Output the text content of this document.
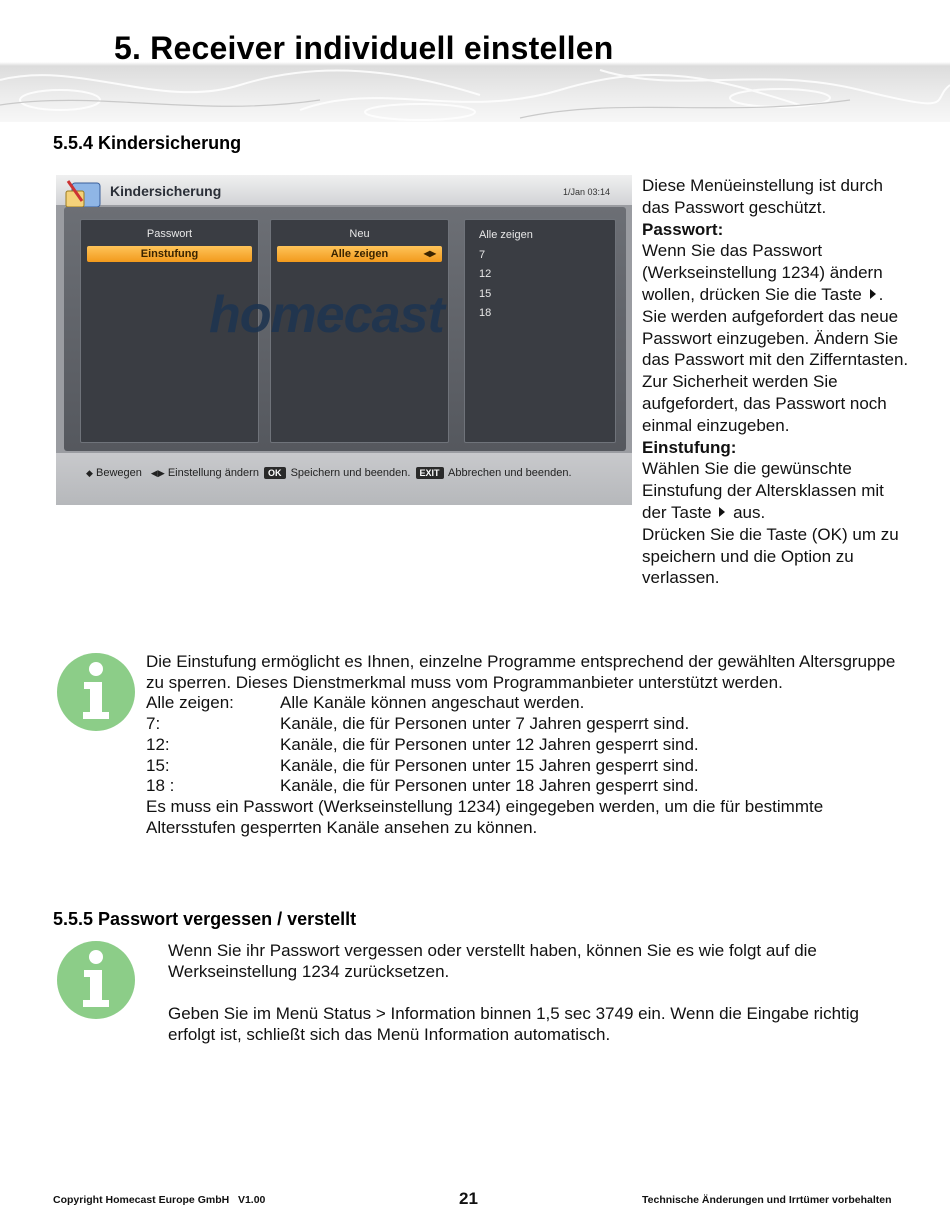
5. Receiver individuell einstellen
5.5.4 Kindersicherung
Kindersicherung	1/Jan 03:14
Passwort
Einstufung
Neu
Alle zeigen	◀▶
Alle zeigen
7
12
15
18
homecast
◆ Bewegen ◀▶ Einstellung ändern OK Speichern und beenden. EXIT Abbrechen und beenden.

Diese Menüeinstellung ist durch das Passwort geschützt.

Passwort:

Wenn Sie das Passwort (Werkseinstellung 1234) ändern wollen, drücken Sie die Taste .

Sie werden aufgefordert das neue Passwort einzugeben. Ändern Sie das Passwort mit den Zifferntasten.

Zur Sicherheit werden Sie aufgefordert, das Passwort noch einmal einzugeben.

Einstufung:

Wählen Sie die gewünschte Einstufung der Altersklassen mit der Taste aus.

Drücken Sie die Taste (OK) um zu speichern und die Option zu verlassen.

Die Einstufung ermöglicht es Ihnen, einzelne Programme entsprechend der gewählten Altersgruppe zu sperren. Dieses Dienstmerkmal muss vom Programmanbieter unterstützt werden.

Alle zeigen:	Alle Kanäle können angeschaut werden.
7:	Kanäle, die für Personen unter 7 Jahren gesperrt sind.
12:	Kanäle, die für Personen unter 12 Jahren gesperrt sind.
15:	Kanäle, die für Personen unter 15 Jahren gesperrt sind.
18 :	Kanäle, die für Personen unter 18 Jahren gesperrt sind.

Es muss ein Passwort (Werkseinstellung 1234) eingegeben werden, um die für bestimmte Altersstufen gesperrten Kanäle ansehen zu können.

5.5.5 Passwort vergessen / verstellt

Wenn Sie ihr Passwort vergessen oder verstellt haben, können Sie es wie folgt auf die Werkseinstellung 1234 zurücksetzen.

Geben Sie im Menü Status > Information binnen 1,5 sec 3749 ein. Wenn die Eingabe richtig erfolgt ist, schließt sich das Menü Information automatisch.

Copyright Homecast Europe GmbH   V1.00	21	Technische Änderungen und Irrtümer vorbehalten
